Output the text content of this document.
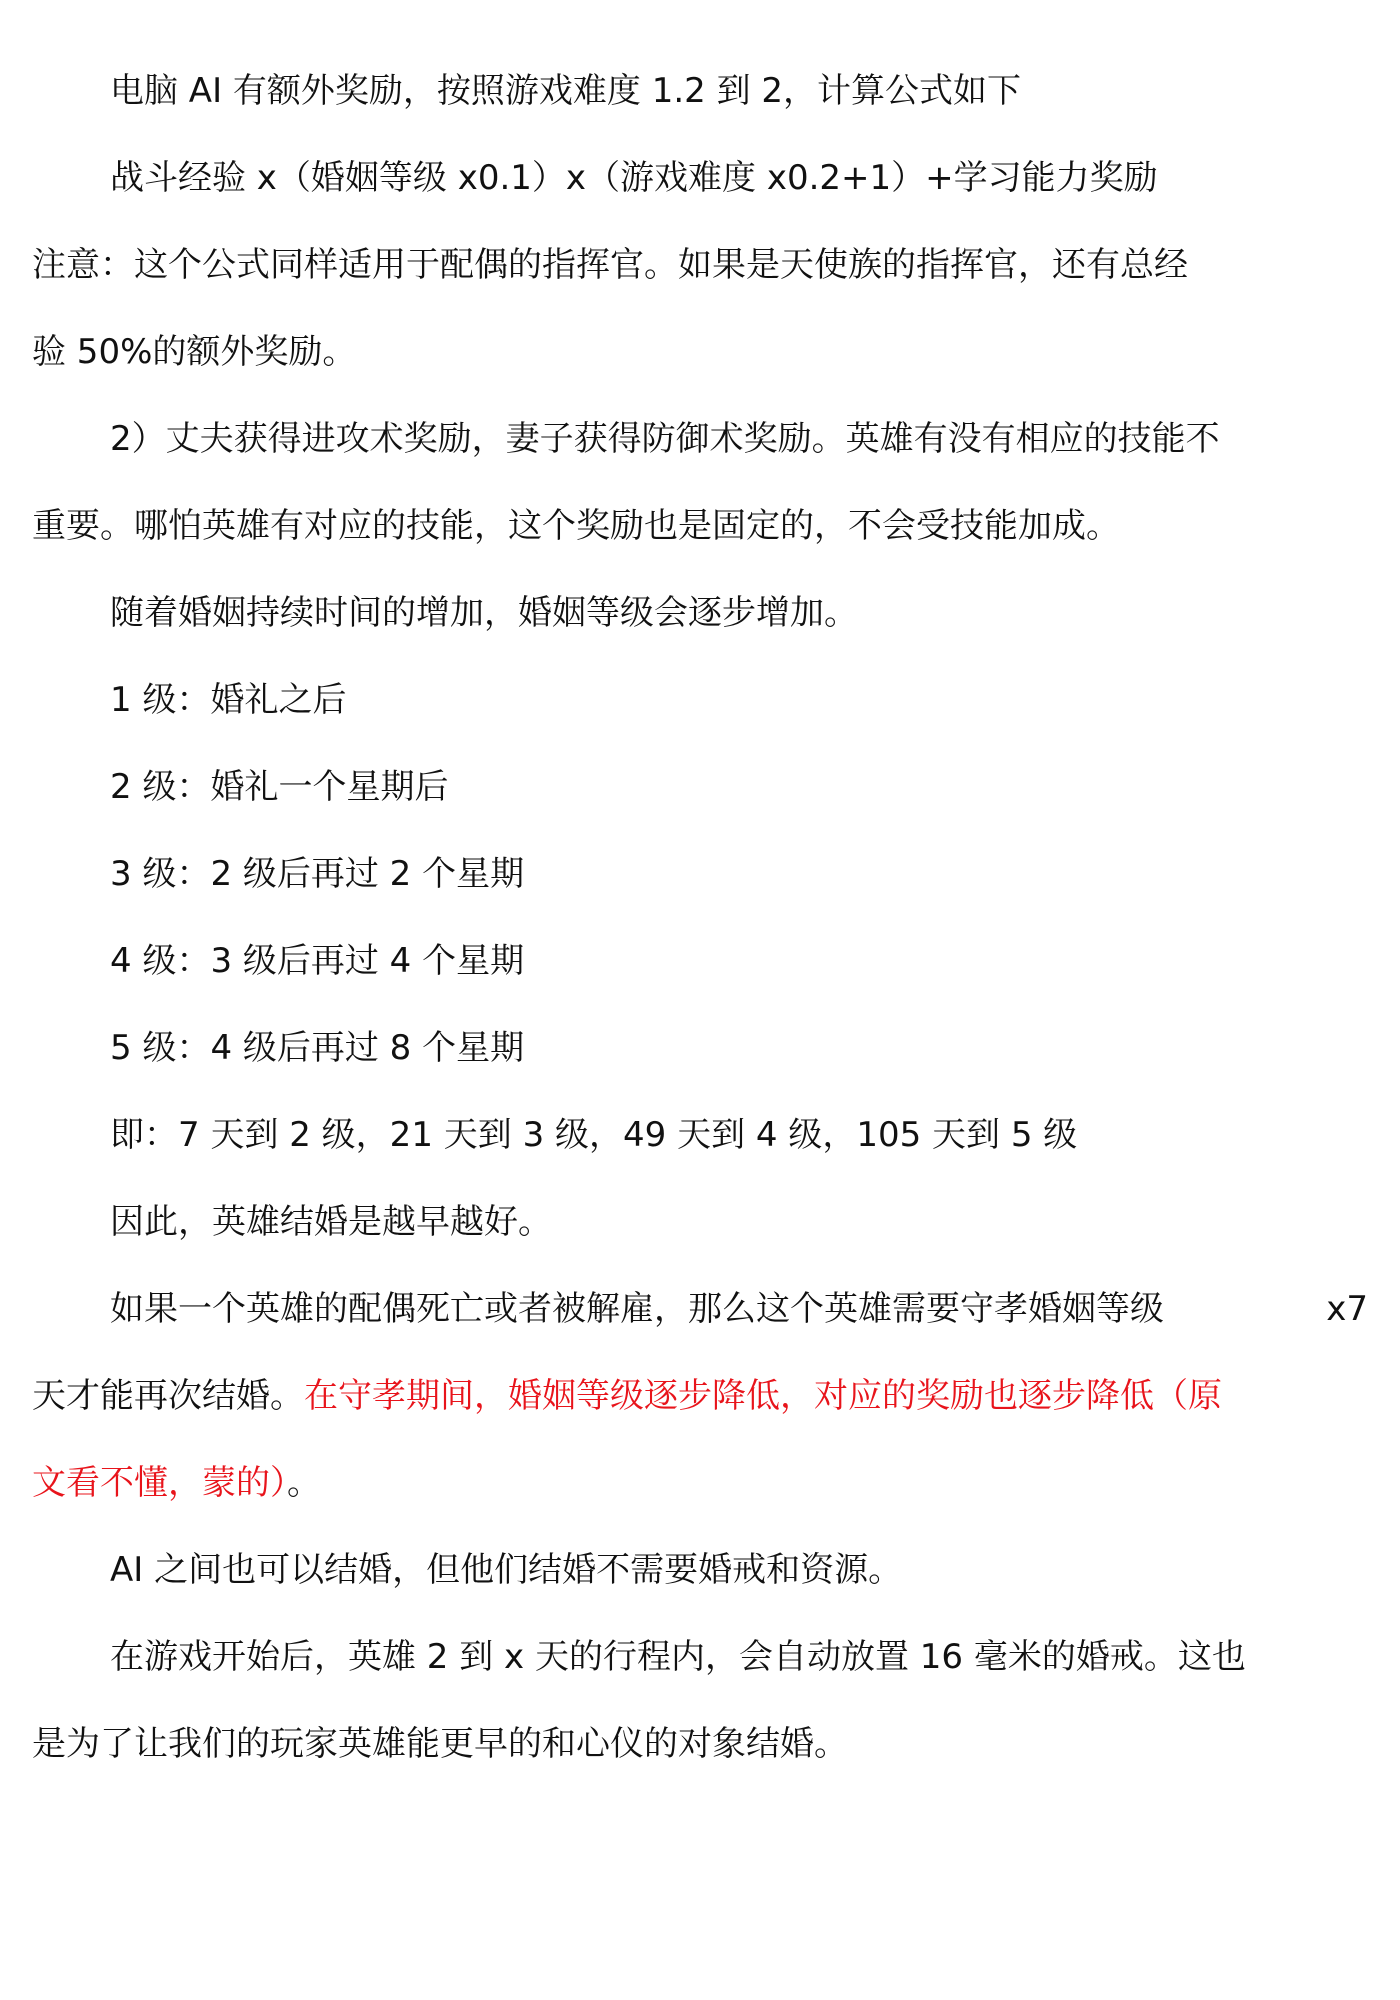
电脑 AI 有额外奖励，按照游戏难度 1.2 到 2，计算公式如下
战斗经验 x（婚姻等级 x0.1）x（游戏难度 x0.2+1）+学习能力奖励
注意：这个公式同样适用于配偶的指挥官。如果是天使族的指挥官，还有总经
验 50%的额外奖励。
2）丈夫获得进攻术奖励，妻子获得防御术奖励。英雄有没有相应的技能不
重要。哪怕英雄有对应的技能，这个奖励也是固定的，不会受技能加成。
随着婚姻持续时间的增加，婚姻等级会逐步增加。
1 级：婚礼之后
2 级：婚礼一个星期后
3 级：2 级后再过 2 个星期
4 级：3 级后再过 4 个星期
5 级：4 级后再过 8 个星期
即：7 天到 2 级，21 天到 3 级，49 天到 4 级，105 天到 5 级
因此，英雄结婚是越早越好。
如果一个英雄的配偶死亡或者被解雇，那么这个英雄需要守孝婚姻等级	x7
天才能再次结婚。在守孝期间，婚姻等级逐步降低，对应的奖励也逐步降低（原
文看不懂，蒙的）。
AI 之间也可以结婚，但他们结婚不需要婚戒和资源。
在游戏开始后，英雄 2 到 x 天的行程内，会自动放置 16 毫米的婚戒。这也
是为了让我们的玩家英雄能更早的和心仪的对象结婚。
